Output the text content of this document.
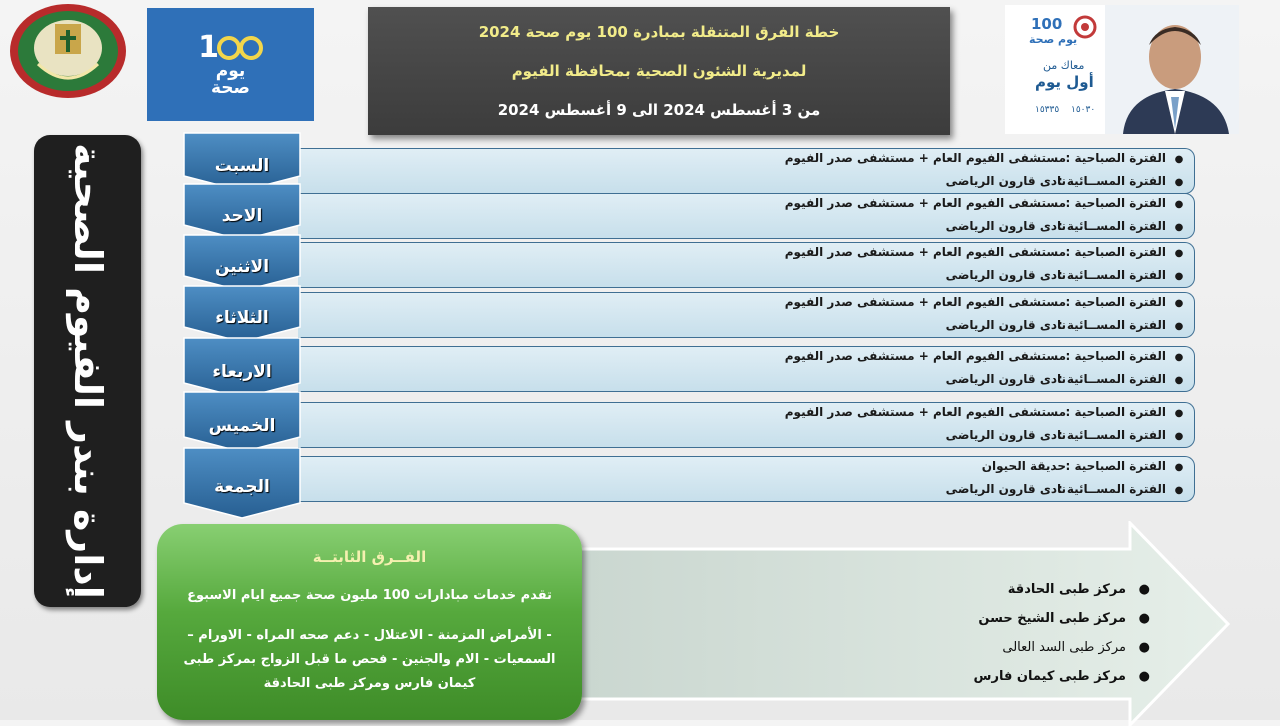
1
يوم
صحة
خطة الفرق المتنقلة بمبادرة 100 يوم صحة 2024
لمديرية الشئون الصحية بمحافظة الفيوم
من 3 أغسطس 2024 الى 9 أغسطس 2024
100
يوم صحة
معاك من
أول يوم
١٥٣٣٥ ١٥٠٣٠
إدارة بندر الفيوم الصحية	●الفترة الصباحية :مستشفى الفيوم العام + مستشفى صدر الفيوم
●الفترة المســائية :نادى قارون الرياضى
السبت
●الفترة الصباحية :مستشفى الفيوم العام + مستشفى صدر الفيوم
●الفترة المســائية :نادى قارون الرياضى
الاحد
●الفترة الصباحية :مستشفى الفيوم العام + مستشفى صدر الفيوم
●الفترة المســائية :نادى قارون الرياضى
الاثنين
●الفترة الصباحية :مستشفى الفيوم العام + مستشفى صدر الفيوم
●الفترة المســائية :نادى قارون الرياضى
الثلاثاء
●الفترة الصباحية :مستشفى الفيوم العام + مستشفى صدر الفيوم
●الفترة المســائية :نادى قارون الرياضى
الاربعاء
●الفترة الصباحية :مستشفى الفيوم العام + مستشفى صدر الفيوم
●الفترة المســائية :نادى قارون الرياضى
الخميس
●الفترة الصباحية :حديقة الحيوان
●الفترة المســائية :نادى قارون الرياضى
الجمعة
الفــرق الثابتــة
تقدم خدمات مبادارات 100 مليون صحة جميع ايام الاسبوع
- الأمراض المزمنة - الاعتلال - دعم صحه المراه - الاورام – السمعيات - الام والجنين - فحص ما قبل الزواج بمركز طبى كيمان فارس ومركز طبى الحادقة
●مركز طبى الحادقة
●مركز طبى الشيخ حسن
●مركز طبى السد العالى
●مركز طبى كيمان فارس
